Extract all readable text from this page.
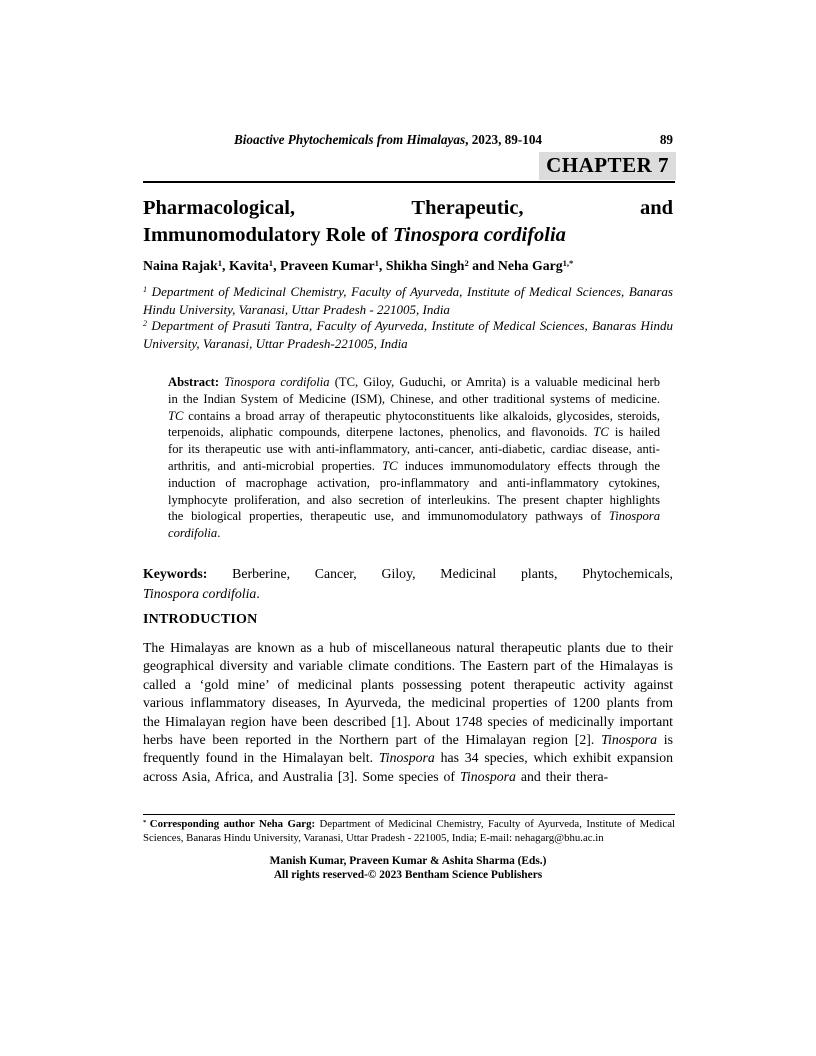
Bioactive Phytochemicals from Himalayas, 2023, 89-104	89
CHAPTER 7
Pharmacological,	Therapeutic,	and
Immunomodulatory Role of Tinospora cordifolia
Naina Rajak$^1$, Kavita$^1$, Praveen Kumar$^1$, Shikha Singh$^2$ and Neha Garg$^{1,*}$
$^1$ Department of Medicinal Chemistry, Faculty of Ayurveda, Institute of Medical Sciences, Banaras Hindu University, Varanasi, Uttar Pradesh - 221005, India
$^2$ Department of Prasuti Tantra, Faculty of Ayurveda, Institute of Medical Sciences, Banaras Hindu University, Varanasi, Uttar Pradesh-221005, India
Abstract: Tinospora cordifolia (TC, Giloy, Guduchi, or Amrita) is a valuable medicinal herb in the Indian System of Medicine (ISM), Chinese, and other traditional systems of medicine. TC contains a broad array of therapeutic phytoconstituents like alkaloids, glycosides, steroids, terpenoids, aliphatic compounds, diterpene lactones, phenolics, and flavonoids. TC is hailed for its therapeutic use with anti-inflammatory, anti-cancer, anti-diabetic, cardiac disease, anti-arthritis, and anti-microbial properties. TC induces immunomodulatory effects through the induction of macrophage activation, pro-inflammatory and anti-inflammatory cytokines, lymphocyte proliferation, and also secretion of interleukins. The present chapter highlights the biological properties, therapeutic use, and immunomodulatory pathways of Tinospora cordifolia.
Keywords: Berberine, Cancer, Giloy, Medicinal plants, Phytochemicals,
Tinospora cordifolia.
INTRODUCTION
The Himalayas are known as a hub of miscellaneous natural therapeutic plants due to their geographical diversity and variable climate conditions. The Eastern part of the Himalayas is called a ‘gold mine’ of medicinal plants possessing potent therapeutic activity against various inflammatory diseases, In Ayurveda, the medicinal properties of 1200 plants from the Himalayan region have been described [1]. About 1748 species of medicinally important herbs have been reported in the Northern part of the Himalayan region [2]. Tinospora is frequently found in the Himalayan belt. Tinospora has 34 species, which exhibit expansion across Asia, Africa, and Australia [3]. Some species of Tinospora and their thera-
* Corresponding author Neha Garg: Department of Medicinal Chemistry, Faculty of Ayurveda, Institute of Medical Sciences, Banaras Hindu University, Varanasi, Uttar Pradesh - 221005, India; E-mail: nehagarg@bhu.ac.in
Manish Kumar, Praveen Kumar & Ashita Sharma (Eds.)
All rights reserved-© 2023 Bentham Science Publishers
